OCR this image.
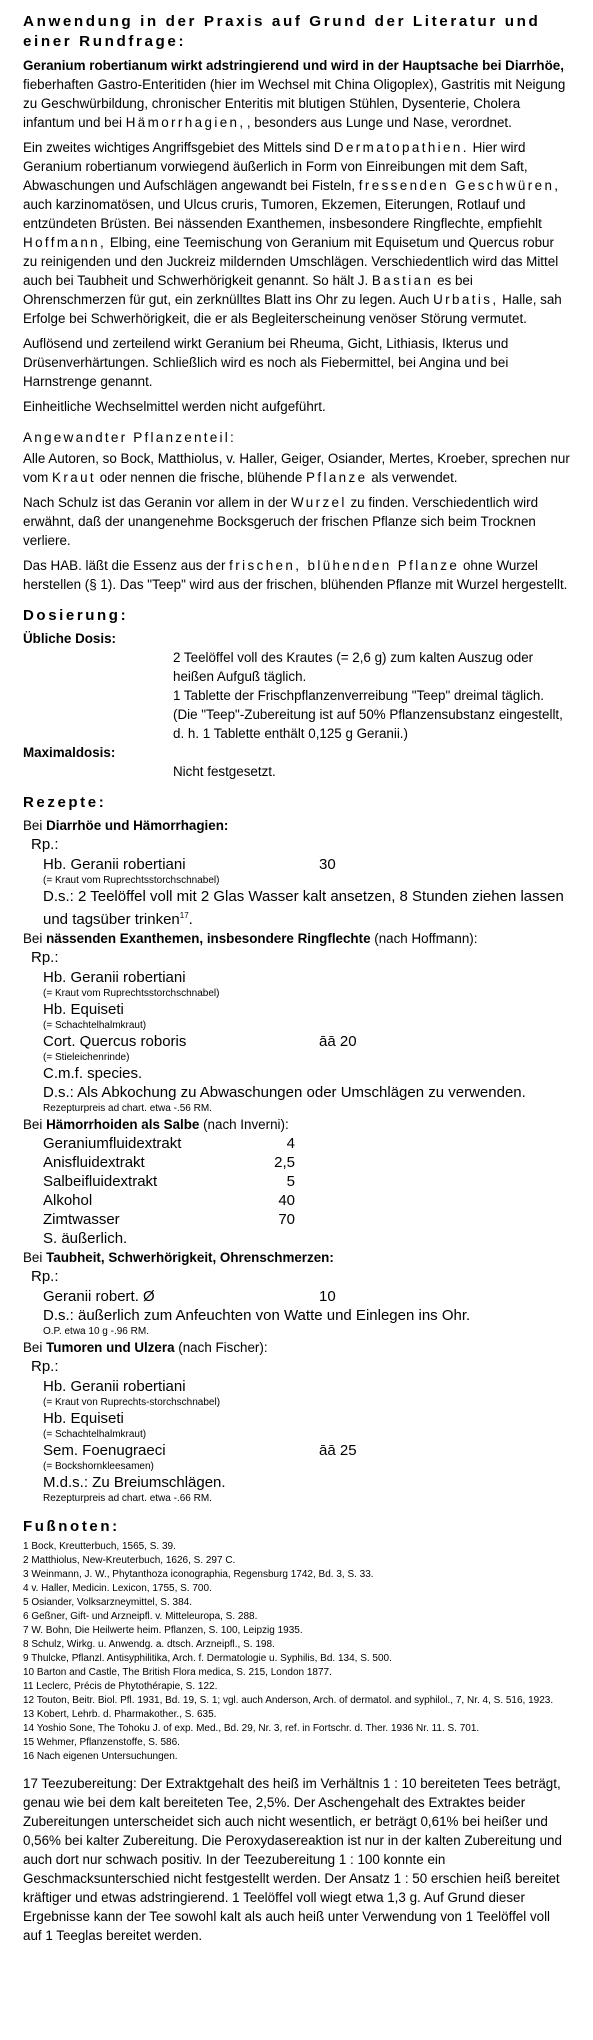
Anwendung in der Praxis auf Grund der Literatur und einer Rundfrage:

Geranium robertianum wirkt adstringierend und wird in der Hauptsache bei Diarrhöe, fieberhaften Gastro-Enteritiden (hier im Wechsel mit China Oligoplex), Gastritis mit Neigung zu Geschwürbildung, chronischer Enteritis mit blutigen Stühlen, Dysenterie, Cholera infantum und bei Hämorrhagien, , besonders aus Lunge und Nase, verordnet.

Ein zweites wichtiges Angriffsgebiet des Mittels sind Dermatopathien. Hier wird Geranium robertianum vorwiegend äußerlich in Form von Einreibungen mit dem Saft, Abwaschungen und Aufschlägen angewandt bei Fisteln, fressenden Geschwüren, auch karzinomatösen, und Ulcus cruris, Tumoren, Ekzemen, Eiterungen, Rotlauf und entzündeten Brüsten. Bei nässenden Exanthemen, insbesondere Ringflechte, empfiehlt Hoffmann, Elbing, eine Teemischung von Geranium mit Equisetum und Quercus robur zu reinigenden und den Juckreiz mildernden Umschlägen. Verschiedentlich wird das Mittel auch bei Taubheit und Schwerhörigkeit genannt. So hält J. Bastian es bei Ohrenschmerzen für gut, ein zerknülltes Blatt ins Ohr zu legen. Auch Urbatis, Halle, sah Erfolge bei Schwerhörigkeit, die er als Begleiterscheinung venöser Störung vermutet.

Auflösend und zerteilend wirkt Geranium bei Rheuma, Gicht, Lithiasis, Ikterus und Drüsenverhärtungen. Schließlich wird es noch als Fiebermittel, bei Angina und bei Harnstrenge genannt.

Einheitliche Wechselmittel werden nicht aufgeführt.

Angewandter Pflanzenteil:

Alle Autoren, so Bock, Matthiolus, v. Haller, Geiger, Osiander, Mertes, Kroeber, sprechen nur vom Kraut oder nennen die frische, blühende Pflanze als verwendet.

Nach Schulz ist das Geranin vor allem in der Wurzel zu finden. Verschiedentlich wird erwähnt, daß der unangenehme Bocksgeruch der frischen Pflanze sich beim Trocknen verliere.

Das HAB. läßt die Essenz aus der frischen, blühenden Pflanze ohne Wurzel herstellen (§ 1). Das "Teep" wird aus der frischen, blühenden Pflanze mit Wurzel hergestellt.

Dosierung:
Übliche Dosis:
2 Teelöffel voll des Krautes (= 2,6 g) zum kalten Auszug oder heißen Aufguß täglich.
1 Tablette der Frischpflanzenverreibung "Teep" dreimal täglich. (Die "Teep"-Zubereitung ist auf 50% Pflanzensubstanz eingestellt, d. h. 1 Tablette enthält 0,125 g Geranii.)
Maximaldosis:
Nicht festgesetzt.
Rezepte:
Bei Diarrhöe und Hämorrhagien:
Rp.:
Hb. Geranii robertiani	30
(= Kraut vom Ruprechtsstorchschnabel)
D.s.: 2 Teelöffel voll mit 2 Glas Wasser kalt ansetzen, 8 Stunden ziehen lassen und tagsüber trinken$^{17}$.
Bei nässenden Exanthemen, insbesondere Ringflechte (nach Hoffmann):
Rp.:
Hb. Geranii robertiani
(= Kraut vom Ruprechtsstorchschnabel)
Hb. Equiseti
(= Schachtelhalmkraut)
Cort. Quercus roboris	āā 20
(= Stieleichenrinde)
C.m.f. species.
D.s.: Als Abkochung zu Abwaschungen oder Umschlägen zu verwenden.
Rezepturpreis ad chart. etwa -.56 RM.
Bei Hämorrhoiden als Salbe (nach Inverni):
Geraniumfluidextrakt	4
Anisfluidextrakt	2,5
Salbeifluidextrakt	5
Alkohol	40
Zimtwasser	70
S. äußerlich.
Bei Taubheit, Schwerhörigkeit, Ohrenschmerzen:
Rp.:
Geranii robert. Ø	10
D.s.: äußerlich zum Anfeuchten von Watte und Einlegen ins Ohr.
O.P. etwa 10 g -.96 RM.
Bei Tumoren und Ulzera (nach Fischer):
Rp.:
Hb. Geranii robertiani
(= Kraut von Ruprechts-storchschnabel)
Hb. Equiseti
(= Schachtelhalmkraut)
Sem. Foenugraeci	āā 25
(= Bockshornkleesamen)
M.d.s.: Zu Breiumschlägen.
Rezepturpreis ad chart. etwa -.66 RM.
Fußnoten:
1 Bock, Kreutterbuch, 1565, S. 39.
2 Matthiolus, New-Kreuterbuch, 1626, S. 297 C.
3 Weinmann, J. W., Phytanthoza iconographia, Regensburg 1742, Bd. 3, S. 33.
4 v. Haller, Medicin. Lexicon, 1755, S. 700.
5 Osiander, Volksarzneymittel, S. 384.
6 Geßner, Gift- und Arzneipfl. v. Mitteleuropa, S. 288.
7 W. Bohn, Die Heilwerte heim. Pflanzen, S. 100, Leipzig 1935.
8 Schulz, Wirkg. u. Anwendg. a. dtsch. Arzneipfl., S. 198.
9 Thulcke, Pflanzl. Antisyphilitika, Arch. f. Dermatologie u. Syphilis, Bd. 134, S. 500.
10 Barton and Castle, The British Flora medica, S. 215, London 1877.
11 Leclerc, Précis de Phytothérapie, S. 122.
12 Touton, Beitr. Biol. Pfl. 1931, Bd. 19, S. 1; vgl. auch Anderson, Arch. of dermatol. and syphilol., 7, Nr. 4, S. 516, 1923.
13 Kobert, Lehrb. d. Pharmakother., S. 635.
14 Yoshio Sone, The Tohoku J. of exp. Med., Bd. 29, Nr. 3, ref. in Fortschr. d. Ther. 1936 Nr. 11. S. 701.
15 Wehmer, Pflanzenstoffe, S. 586.
16 Nach eigenen Untersuchungen.
17 Teezubereitung: Der Extraktgehalt des heiß im Verhältnis 1 : 10 bereiteten Tees beträgt, genau wie bei dem kalt bereiteten Tee, 2,5%. Der Aschengehalt des Extraktes beider Zubereitungen unterscheidet sich auch nicht wesentlich, er beträgt 0,61% bei heißer und 0,56% bei kalter Zubereitung. Die Peroxydasereaktion ist nur in der kalten Zubereitung und auch dort nur schwach positiv. In der Teezubereitung 1 : 100 konnte ein Geschmacksunterschied nicht festgestellt werden. Der Ansatz 1 : 50 erschien heiß bereitet kräftiger und etwas adstringierend. 1 Teelöffel voll wiegt etwa 1,3 g. Auf Grund dieser Ergebnisse kann der Tee sowohl kalt als auch heiß unter Verwendung von 1 Teelöffel voll auf 1 Teeglas bereitet werden.
